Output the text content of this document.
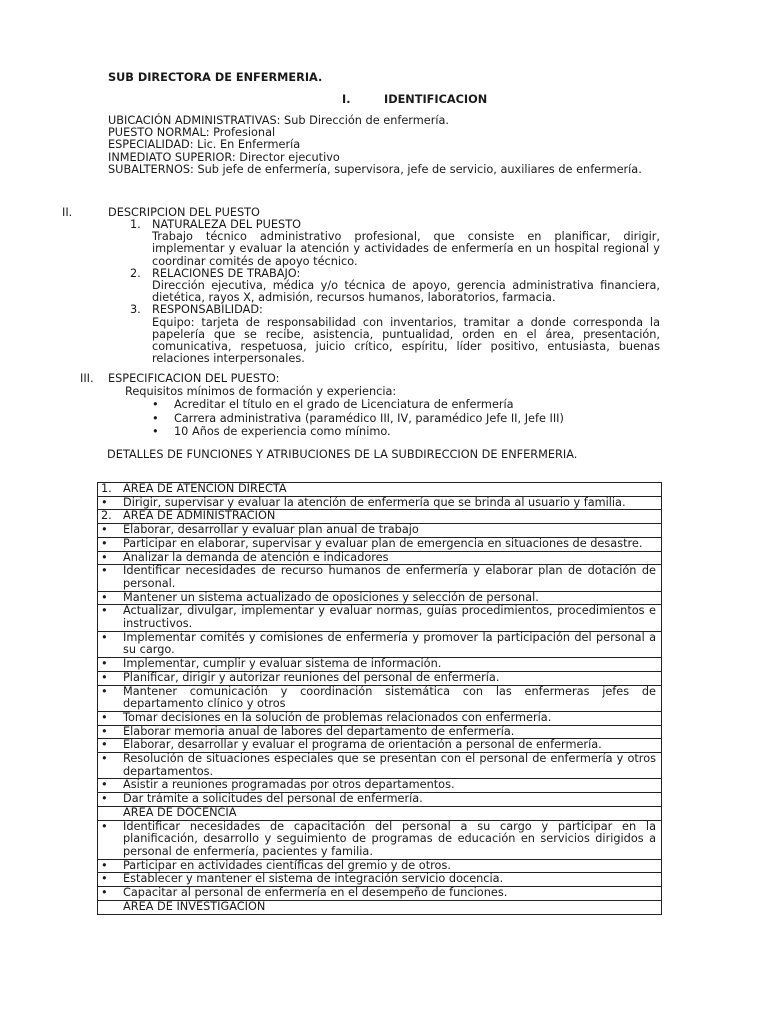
SUB DIRECTORA DE ENFERMERIA.
I.	IDENTIFICACION
UBICACIÓN ADMINISTRATIVAS: Sub Dirección de enfermería.
PUESTO NORMAL: Profesional
ESPECIALIDAD: Lic. En Enfermería
INMEDIATO SUPERIOR: Director ejecutivo
SUBALTERNOS: Sub jefe de enfermería, supervisora, jefe de servicio, auxiliares de enfermería.
II.	DESCRIPCION DEL PUESTO
1. NATURALEZA DEL PUESTO
Trabajo técnico administrativo profesional, que consiste en planificar, dirigir, implementar y evaluar la atención y actividades de enfermería en un hospital regional y coordinar comités de apoyo técnico.
2. RELACIONES DE TRABAJO:
Dirección ejecutiva, médica y/o técnica de apoyo, gerencia administrativa financiera, dietética, rayos X, admisión, recursos humanos, laboratorios, farmacia.
3. RESPONSABILIDAD:
Equipo: tarjeta de responsabilidad con inventarios, tramitar a donde corresponda la papelería que se recibe, asistencia, puntualidad, orden en el área, presentación, comunicativa, respetuosa, juicio crítico, espíritu, líder positivo, entusiasta, buenas relaciones interpersonales.
III. ESPECIFICACION DEL PUESTO:
Requisitos mínimos de formación y experiencia:
• Acreditar el título en el grado de Licenciatura de enfermería
• Carrera administrativa (paramédico III, IV, paramédico Jefe II, Jefe III)
• 10 Años de experiencia como mínimo.
DETALLES DE FUNCIONES Y ATRIBUCIONES DE LA SUBDIRECCION DE ENFERMERIA.
1. AREA DE ATENCION DIRECTA

•	Dirigir, supervisar y evaluar la atención de enfermería que se brinda al usuario y familia.

2. AREA DE ADMINISTRACION

•	Elaborar, desarrollar y evaluar plan anual de trabajo

•	Participar en elaborar, supervisar y evaluar plan de emergencia en situaciones de desastre.

•	Analizar la demanda de atención e indicadores

•	Identificar necesidades de recurso humanos de enfermería y elaborar plan de dotación de personal.

•	Mantener un sistema actualizado de oposiciones y selección de personal.

•	Actualizar, divulgar, implementar y evaluar normas, guías procedimientos, procedimientos e instructivos.

•	Implementar comités y comisiones de enfermería y promover la participación del personal a su cargo.

•	Implementar, cumplir y evaluar sistema de información.

•	Planificar, dirigir y autorizar reuniones del personal de enfermería.

•	Mantener comunicación y coordinación sistemática con las enfermeras jefes de departamento clínico y otros

•	Tomar decisiones en la solución de problemas relacionados con enfermería.

•	Elaborar memoria anual de labores del departamento de enfermería.

•	Elaborar, desarrollar y evaluar el programa de orientación a personal de enfermería.

•	Resolución de situaciones especiales que se presentan con el personal de enfermería y otros departamentos.

•	Asistir a reuniones programadas por otros departamentos.

•	Dar trámite a solicitudes del personal de enfermería.

AREA DE DOCENCIA

•	Identificar necesidades de capacitación del personal a su cargo y participar en la planificación, desarrollo y seguimiento de programas de educación en servicios dirigidos a personal de enfermería, pacientes y familia.

•	Participar en actividades científicas del gremio y de otros.

•	Establecer y mantener el sistema de integración servicio docencia.

•	Capacitar al personal de enfermería en el desempeño de funciones.

AREA DE INVESTIGACION
